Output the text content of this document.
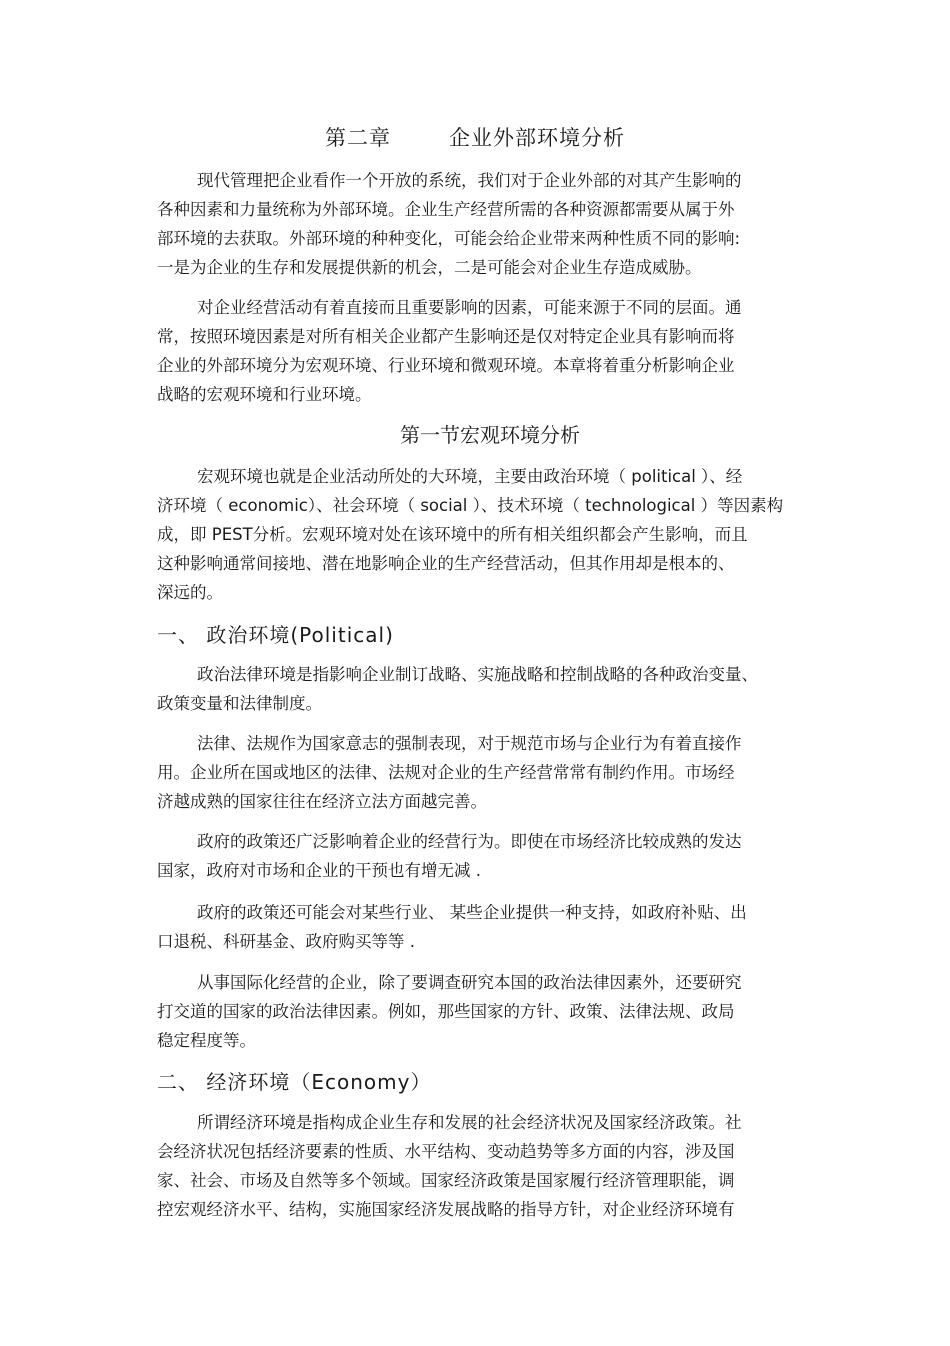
第二章	企业外部环境分析
现代管理把企业看作一个开放的系统，我们对于企业外部的对其产生影响的
各种因素和力量统称为外部环境。企业生产经营所需的各种资源都需要从属于外
部环境的去获取。外部环境的种种变化，可能会给企业带来两种性质不同的影响:
一是为企业的生存和发展提供新的机会，二是可能会对企业生存造成威胁。
对企业经营活动有着直接而且重要影响的因素，可能来源于不同的层面。通
常，按照环境因素是对所有相关企业都产生影响还是仅对特定企业具有影响而将
企业的外部环境分为宏观环境、行业环境和微观环境。本章将着重分析影响企业
战略的宏观环境和行业环境。
第一节宏观环境分析
宏观环境也就是企业活动所处的大环境，主要由政治环境（ political ）、经
济环境（ economic）、社会环境（ social ）、技术环境（ technological ）等因素构
成，即 PEST分析。宏观环境对处在该环境中的所有相关组织都会产生影响，而且
这种影响通常间接地、潜在地影响企业的生产经营活动，但其作用却是根本的、
深远的。
一、 政治环境(Political)
政治法律环境是指影响企业制订战略、实施战略和控制战略的各种政治变量、
政策变量和法律制度。
法律、法规作为国家意志的强制表现，对于规范市场与企业行为有着直接作
用。企业所在国或地区的法律、法规对企业的生产经营常常有制约作用。市场经
济越成熟的国家往往在经济立法方面越完善。
政府的政策还广泛影响着企业的经营行为。即使在市场经济比较成熟的发达
国家，政府对市场和企业的干预也有增无减 .
政府的政策还可能会对某些行业、 某些企业提供一种支持，如政府补贴、出
口退税、科研基金、政府购买等等 .
从事国际化经营的企业，除了要调查研究本国的政治法律因素外，还要研究
打交道的国家的政治法律因素。例如，那些国家的方针、政策、法律法规、政局
稳定程度等。
二、 经济环境（Economy）
所谓经济环境是指构成企业生存和发展的社会经济状况及国家经济政策。社
会经济状况包括经济要素的性质、水平结构、变动趋势等多方面的内容，涉及国
家、社会、市场及自然等多个领域。国家经济政策是国家履行经济管理职能，调
控宏观经济水平、结构，实施国家经济发展战略的指导方针，对企业经济环境有
